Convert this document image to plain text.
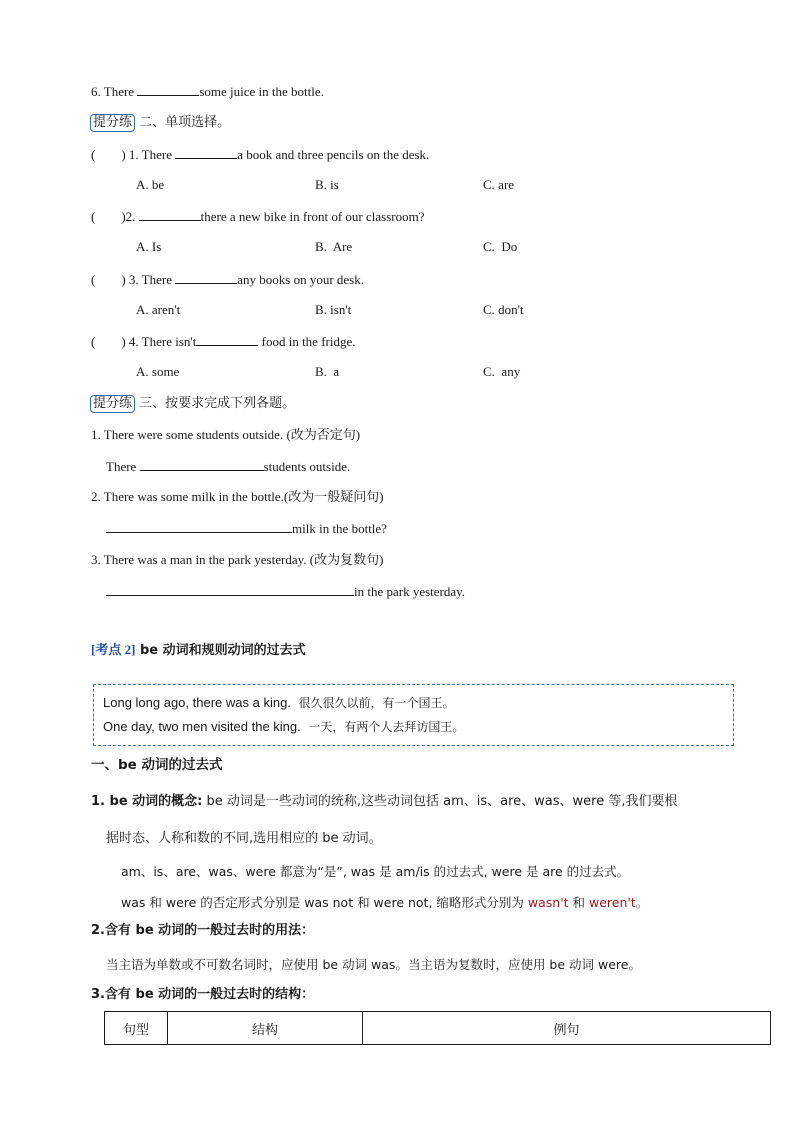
6. There	some juice in the bottle.
提分练 二、单项选择。
(        ) 1. There	a book and three pencils on the desk.
A. be	B. is	C. are
(        )2.	there a new bike in front of our classroom?
A. Is	B.  Are	C.  Do
(        ) 3. There	any books on your desk.
A. aren't	B. isn't	C. don't
(        ) 4. There isn't	food in the fridge.
A. some	B.  a	C.  any
提分练 三、按要求完成下列各题。
1. There were some students outside. (改为否定句)
There	students outside.
2. There was some milk in the bottle.(改为一般疑问句)
milk in the bottle?
3. There was a man in the park yesterday. (改为复数句)
in the park yesterday.
[考点 2] be 动词和规则动词的过去式
Long long ago, there was a king.  很久很久以前，有一个国王。
One day, two men visited the king.  一天，有两个人去拜访国王。
一、be 动词的过去式
1. be 动词的概念: be 动词是一些动词的统称,这些动词包括 am、is、are、was、were 等,我们要根
据时态、人称和数的不同,选用相应的 be 动词。
am、is、are、was、were 都意为“是”, was 是 am/is 的过去式, were 是 are 的过去式。
was 和 were 的否定形式分别是 was not 和 were not, 缩略形式分别为 wasn't 和 weren't。
2.含有 be 动词的一般过去时的用法：
当主语为单数或不可数名词时，应使用 be 动词 was。当主语为复数时，应使用 be 动词 were。
3.含有 be 动词的一般过去时的结构：
句型	结构	例句
